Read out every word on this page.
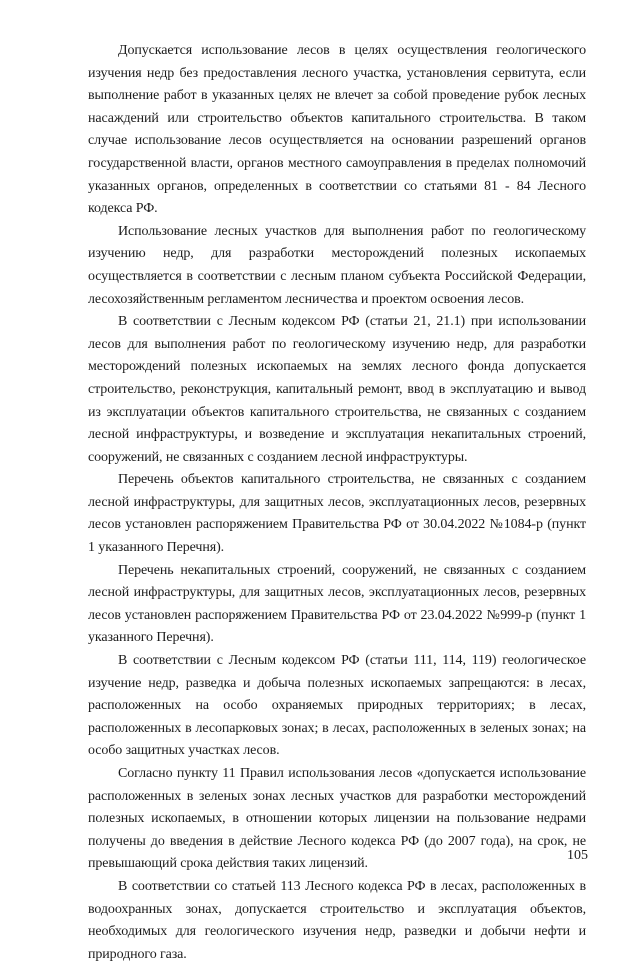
Допускается использование лесов в целях осуществления геологического изучения недр без предоставления лесного участка, установления сервитута, если выполнение работ в указанных целях не влечет за собой проведение рубок лесных насаждений или строительство объектов капитального строительства. В таком случае использование лесов осуществляется на основании разрешений органов государственной власти, органов местного самоуправления в пределах полномочий указанных органов, определенных в соответствии со статьями 81 - 84 Лесного кодекса РФ.

Использование лесных участков для выполнения работ по геологическому изучению недр, для разработки месторождений полезных ископаемых осуществляется в соответствии с лесным планом субъекта Российской Федерации, лесохозяйственным регламентом лесничества и проектом освоения лесов.

В соответствии с Лесным кодексом РФ (статьи 21, 21.1) при использовании лесов для выполнения работ по геологическому изучению недр, для разработки месторождений полезных ископаемых на землях лесного фонда допускается строительство, реконструкция, капитальный ремонт, ввод в эксплуатацию и вывод из эксплуатации объектов капитального строительства, не связанных с созданием лесной инфраструктуры, и возведение и эксплуатация некапитальных строений, сооружений, не связанных с созданием лесной инфраструктуры.

Перечень объектов капитального строительства, не связанных с созданием лесной инфраструктуры, для защитных лесов, эксплуатационных лесов, резервных лесов установлен распоряжением Правительства РФ от 30.04.2022 №1084-р (пункт 1 указанного Перечня).

Перечень некапитальных строений, сооружений, не связанных с созданием лесной инфраструктуры, для защитных лесов, эксплуатационных лесов, резервных лесов установлен распоряжением Правительства РФ от 23.04.2022 №999-р (пункт 1 указанного Перечня).

В соответствии с Лесным кодексом РФ (статьи 111, 114, 119) геологическое изучение недр, разведка и добыча полезных ископаемых запрещаются: в лесах, расположенных на особо охраняемых природных территориях; в лесах, расположенных в лесопарковых зонах; в лесах, расположенных в зеленых зонах; на особо защитных участках лесов.

Согласно пункту 11 Правил использования лесов «допускается использование расположенных в зеленых зонах лесных участков для разработки месторождений полезных ископаемых, в отношении которых лицензии на пользование недрами получены до введения в действие Лесного кодекса РФ (до 2007 года), на срок, не превышающий срока действия таких лицензий.

В соответствии со статьей 113 Лесного кодекса РФ в лесах, расположенных в водоохранных зонах, допускается строительство и эксплуатация объектов, необходимых для геологического изучения недр, разведки и добычи нефти и природного газа.

105
